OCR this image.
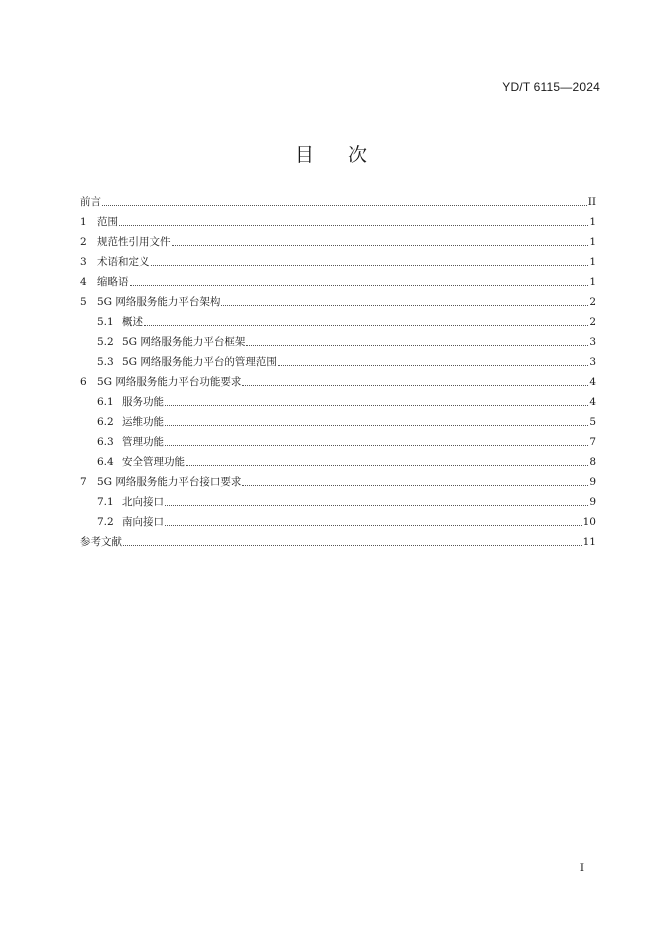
YD/T 6115—2024
目 次
前言	II
1 范围	1
2 规范性引用文件	1
3 术语和定义	1
4 缩略语	1
5 5G 网络服务能力平台架构	2
5.1 概述	2
5.2 5G 网络服务能力平台框架	3
5.3 5G 网络服务能力平台的管理范围	3
6 5G 网络服务能力平台功能要求	4
6.1 服务功能	4
6.2 运维功能	5
6.3 管理功能	7
6.4 安全管理功能	8
7 5G 网络服务能力平台接口要求	9
7.1 北向接口	9
7.2 南向接口	10
参考文献	11
I
